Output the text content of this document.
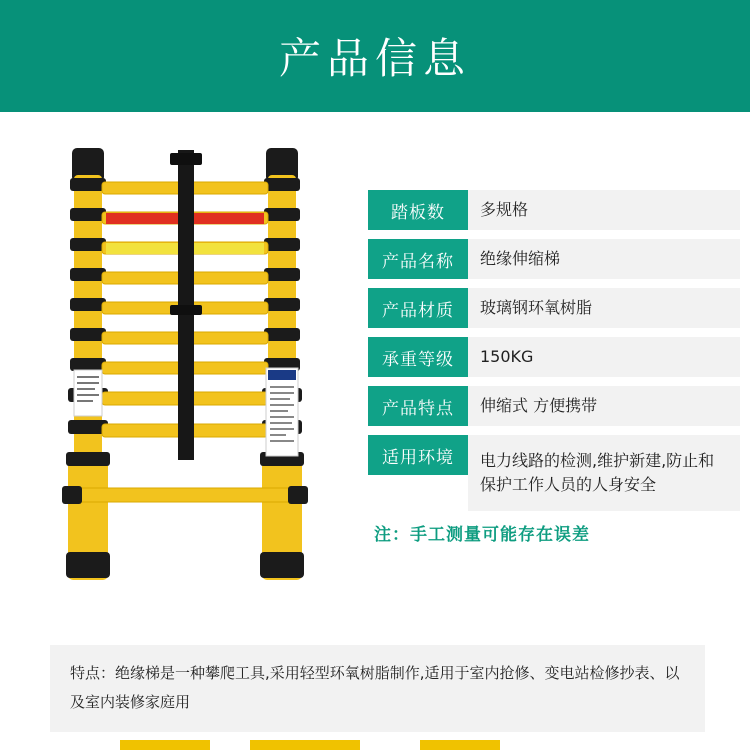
产品信息
踏板数	多规格
产品名称	绝缘伸缩梯
产品材质	玻璃钢环氧树脂
承重等级	150KG
产品特点	伸缩式 方便携带
适用环境	电力线路的检测,维护新建,防止和保护工作人员的人身安全
注：手工测量可能存在误差
特点：绝缘梯是一种攀爬工具,采用轻型环氧树脂制作,适用于室内抢修、变电站检修抄表、以及室内装修家庭用
